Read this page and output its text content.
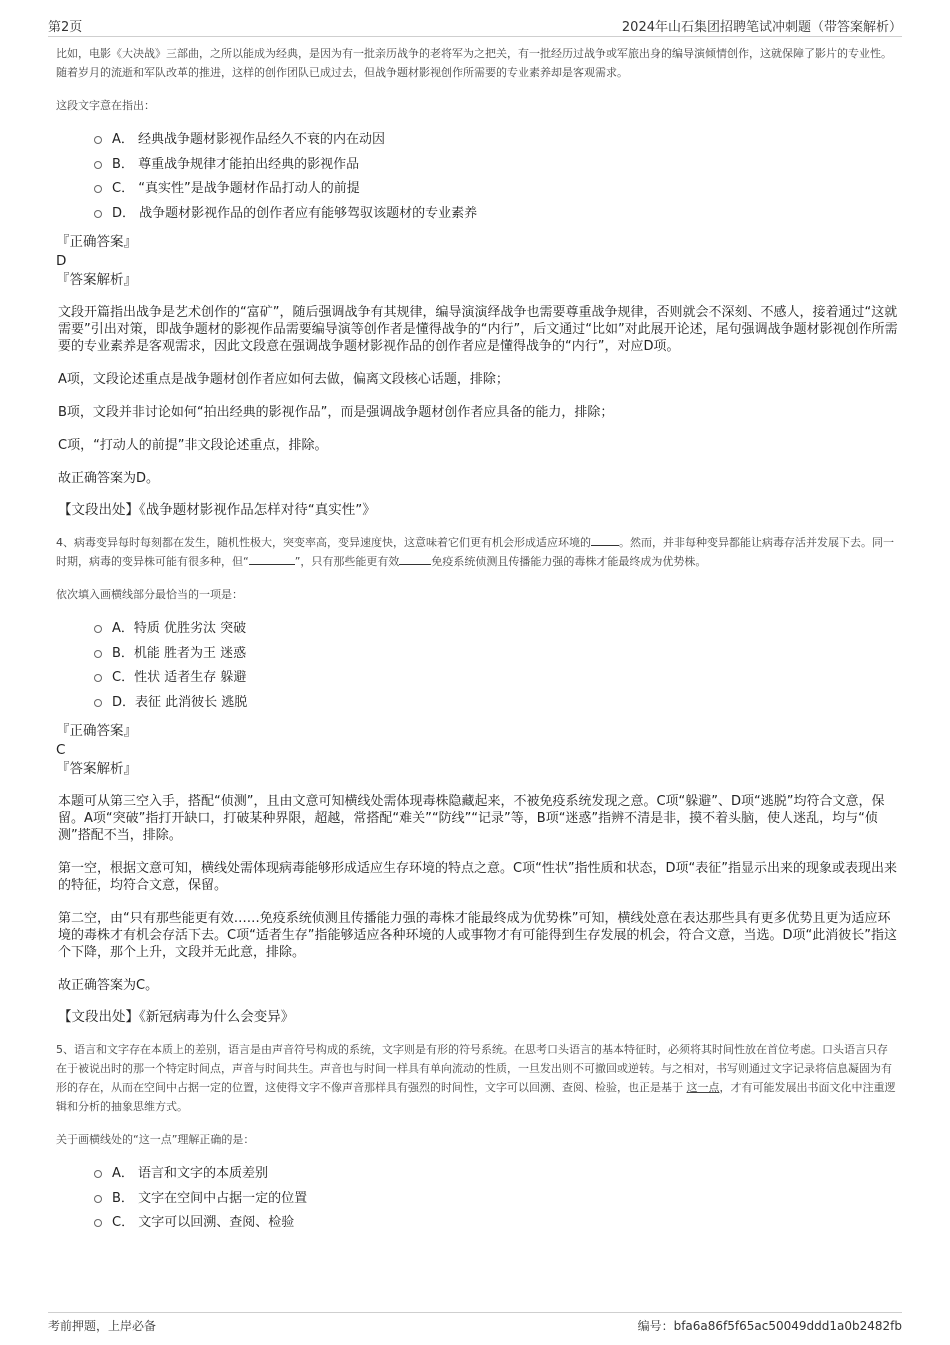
第2页	2024年山石集团招聘笔试冲刺题（带答案解析）

比如，电影《大决战》三部曲，之所以能成为经典，是因为有一批亲历战争的老将军为之把关，有一批经历过战争或军旅出身的编导演倾情创作，这就保障了影片的专业性。随着岁月的流逝和军队改革的推进，这样的创作团队已成过去，但战争题材影视创作所需要的专业素养却是客观需求。

这段文字意在指出：

A． 经典战争题材影视作品经久不衰的内在动因
B． 尊重战争规律才能拍出经典的影视作品
C． “真实性”是战争题材作品打动人的前提
D． 战争题材影视作品的创作者应有能够驾驭该题材的专业素养

『正确答案』

D

『答案解析』

文段开篇指出战争是艺术创作的“富矿”，随后强调战争有其规律，编导演演绎战争也需要尊重战争规律，否则就会不深刻、不感人，接着通过“这就需要”引出对策，即战争题材的影视作品需要编导演等创作者是懂得战争的“内行”，后文通过“比如”对此展开论述，尾句强调战争题材影视创作所需要的专业素养是客观需求，因此文段意在强调战争题材影视作品的创作者应是懂得战争的“内行”，对应D项。

A项，文段论述重点是战争题材创作者应如何去做，偏离文段核心话题，排除；

B项，文段并非讨论如何“拍出经典的影视作品”，而是强调战争题材创作者应具备的能力，排除；

C项，“打动人的前提”非文段论述重点，排除。

故正确答案为D。

【文段出处】《战争题材影视作品怎样对待“真实性”》

4、病毒变异每时每刻都在发生，随机性极大，突变率高，变异速度快，这意味着它们更有机会形成适应环境的	。然而，并非每种变异都能让病毒存活并发展下去。同一时期，病毒的变异株可能有很多种，但“	”，只有那些能更有效	免疫系统侦测且传播能力强的毒株才能最终成为优势株。

依次填入画横线部分最恰当的一项是：

A．特质 优胜劣汰 突破
B．机能 胜者为王 迷惑
C．性状 适者生存 躲避
D．表征 此消彼长 逃脱

『正确答案』

C

『答案解析』

本题可从第三空入手，搭配“侦测”，且由文意可知横线处需体现毒株隐藏起来，不被免疫系统发现之意。C项“躲避”、D项“逃脱”均符合文意，保留。A项“突破”指打开缺口，打破某种界限，超越，常搭配“难关”“防线”“记录”等，B项“迷惑”指辨不清是非，摸不着头脑，使人迷乱，均与“侦测”搭配不当，排除。

第一空，根据文意可知，横线处需体现病毒能够形成适应生存环境的特点之意。C项“性状”指性质和状态，D项“表征”指显示出来的现象或表现出来的特征，均符合文意，保留。

第二空，由“只有那些能更有效……免疫系统侦测且传播能力强的毒株才能最终成为优势株”可知，横线处意在表达那些具有更多优势且更为适应环境的毒株才有机会存活下去。C项“适者生存”指能够适应各种环境的人或事物才有可能得到生存发展的机会，符合文意，当选。D项“此消彼长”指这个下降，那个上升，文段并无此意，排除。

故正确答案为C。

【文段出处】《新冠病毒为什么会变异》

5、语言和文字存在本质上的差别，语言是由声音符号构成的系统，文字则是有形的符号系统。在思考口头语言的基本特征时，必须将其时间性放在首位考虑。口头语言只存在于被说出时的那一个特定时间点，声音与时间共生。声音也与时间一样具有单向流动的性质，一旦发出则不可撤回或逆转。与之相对，书写则通过文字记录将信息凝固为有形的存在，从而在空间中占据一定的位置，这使得文字不像声音那样具有强烈的时间性，文字可以回溯、查阅、检验，也正是基于 这一点，才有可能发展出书面文化中注重逻辑和分析的抽象思维方式。

关于画横线处的“这一点”理解正确的是：

A． 语言和文字的本质差别
B． 文字在空间中占据一定的位置
C． 文字可以回溯、查阅、检验
考前押题，上岸必备	编号：bfa6a86f5f65ac50049ddd1a0b2482fb
